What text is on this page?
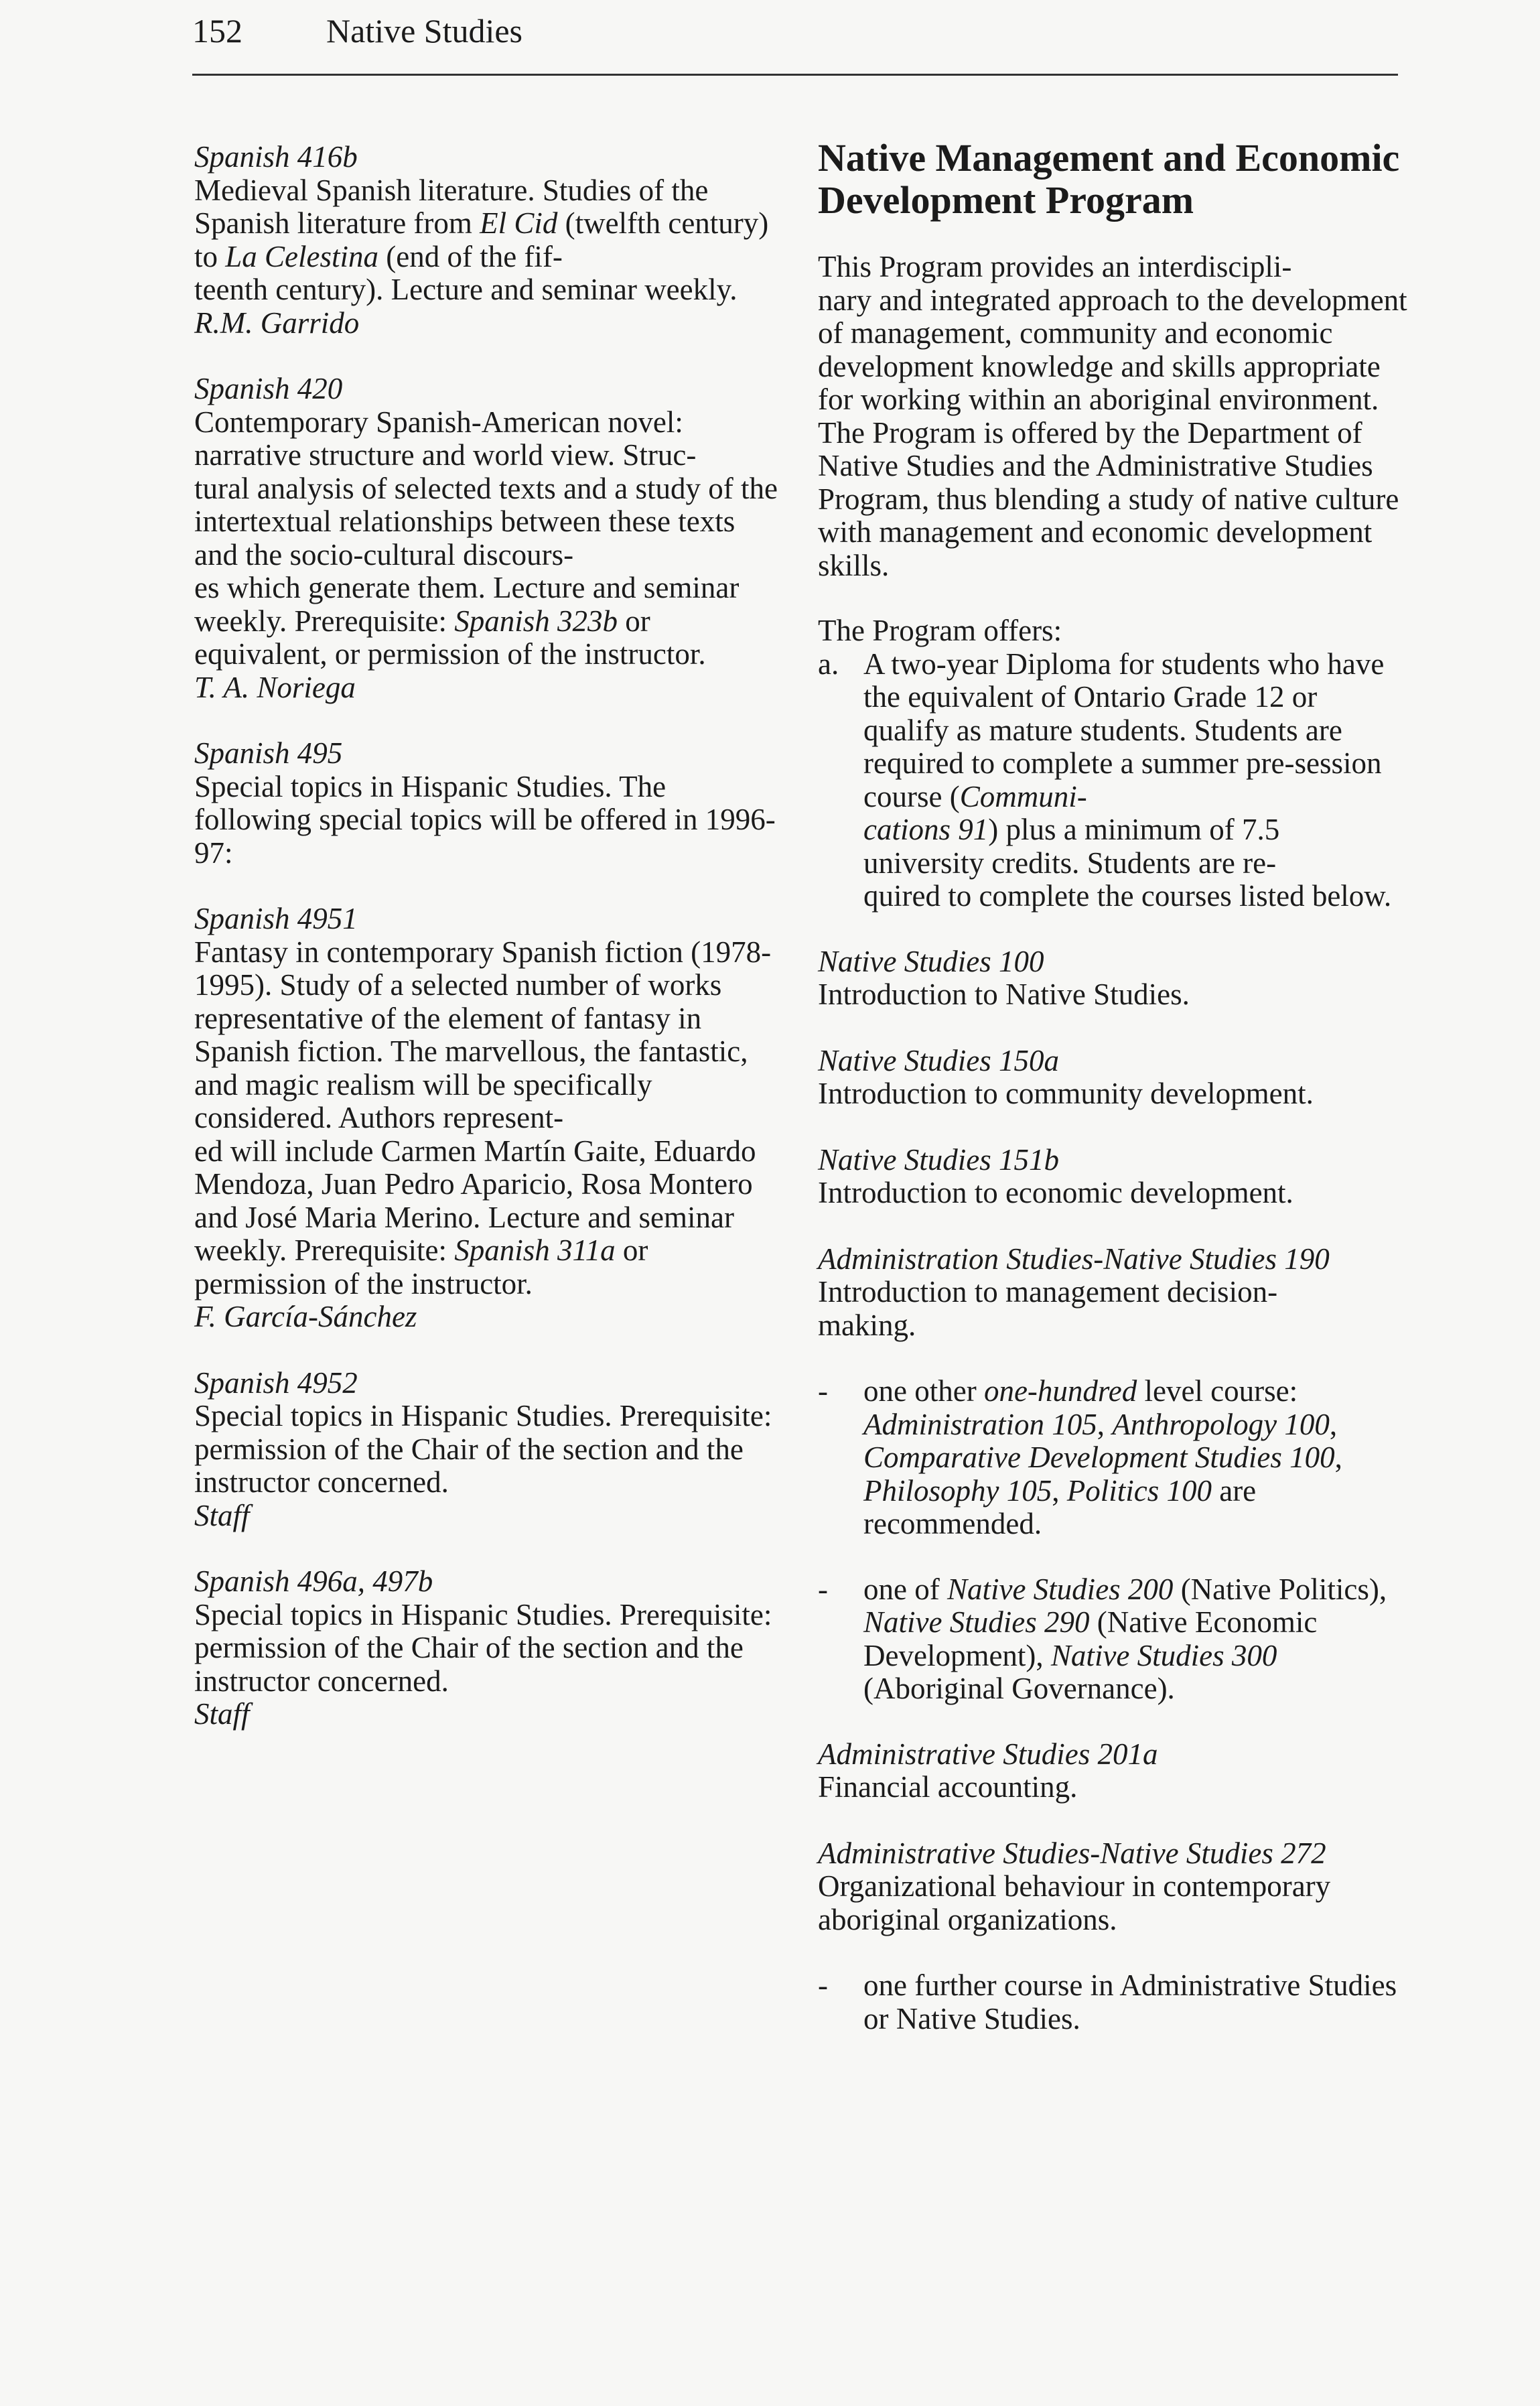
152	Native Studies
Spanish 416b
Medieval Spanish literature. Studies of the Spanish literature from El Cid (twelfth century) to La Celestina (end of the fif-
teenth century). Lecture and seminar weekly.
R.M. Garrido
Spanish 420
Contemporary Spanish-American novel: narrative structure and world view. Struc-
tural analysis of selected texts and a study of the intertextual relationships between these texts and the socio-cultural discours-
es which generate them. Lecture and seminar weekly. Prerequisite: Spanish 323b or equivalent, or permission of the instructor.
T. A. Noriega
Spanish 495
Special topics in Hispanic Studies. The following special topics will be offered in 1996-97:
Spanish 4951
Fantasy in contemporary Spanish fiction (1978-1995). Study of a selected number of works representative of the element of fantasy in Spanish fiction. The marvellous, the fantastic, and magic realism will be specifically considered. Authors represent-
ed will include Carmen Martín Gaite, Eduardo Mendoza, Juan Pedro Aparicio, Rosa Montero and José Maria Merino. Lecture and seminar weekly. Prerequisite: Spanish 311a or permission of the instructor.
F. García-Sánchez
Spanish 4952
Special topics in Hispanic Studies. Prerequisite: permission of the Chair of the section and the instructor concerned.
Staff
Spanish 496a, 497b
Special topics in Hispanic Studies. Prerequisite: permission of the Chair of the section and the instructor concerned.
Staff
Native Management and Economic Development Program
This Program provides an interdiscipli-
nary and integrated approach to the development of management, community and economic development knowledge and skills appropriate for working within an aboriginal environment. The Program is offered by the Department of Native Studies and the Administrative Studies Program, thus blending a study of native culture with management and economic development skills.
The Program offers:
a. A two-year Diploma for students who have the equivalent of Ontario Grade 12 or qualify as mature students. Students are required to complete a summer pre-session course (Communi-
cations 91) plus a minimum of 7.5 university credits. Students are re-
quired to complete the courses listed below.
Native Studies 100
Introduction to Native Studies.
Native Studies 150a
Introduction to community development.
Native Studies 151b
Introduction to economic development.
Administration Studies-Native Studies 190
Introduction to management decision-
making.
-	one other one-hundred level course: Administration 105, Anthropology 100, Comparative Development Studies 100, Philosophy 105, Politics 100 are recommended.
-	one of Native Studies 200 (Native Politics), Native Studies 290 (Native Economic Development), Native Studies 300 (Aboriginal Governance).
Administrative Studies 201a
Financial accounting.
Administrative Studies-Native Studies 272
Organizational behaviour in contemporary aboriginal organizations.
-	one further course in Administrative Studies or Native Studies.
